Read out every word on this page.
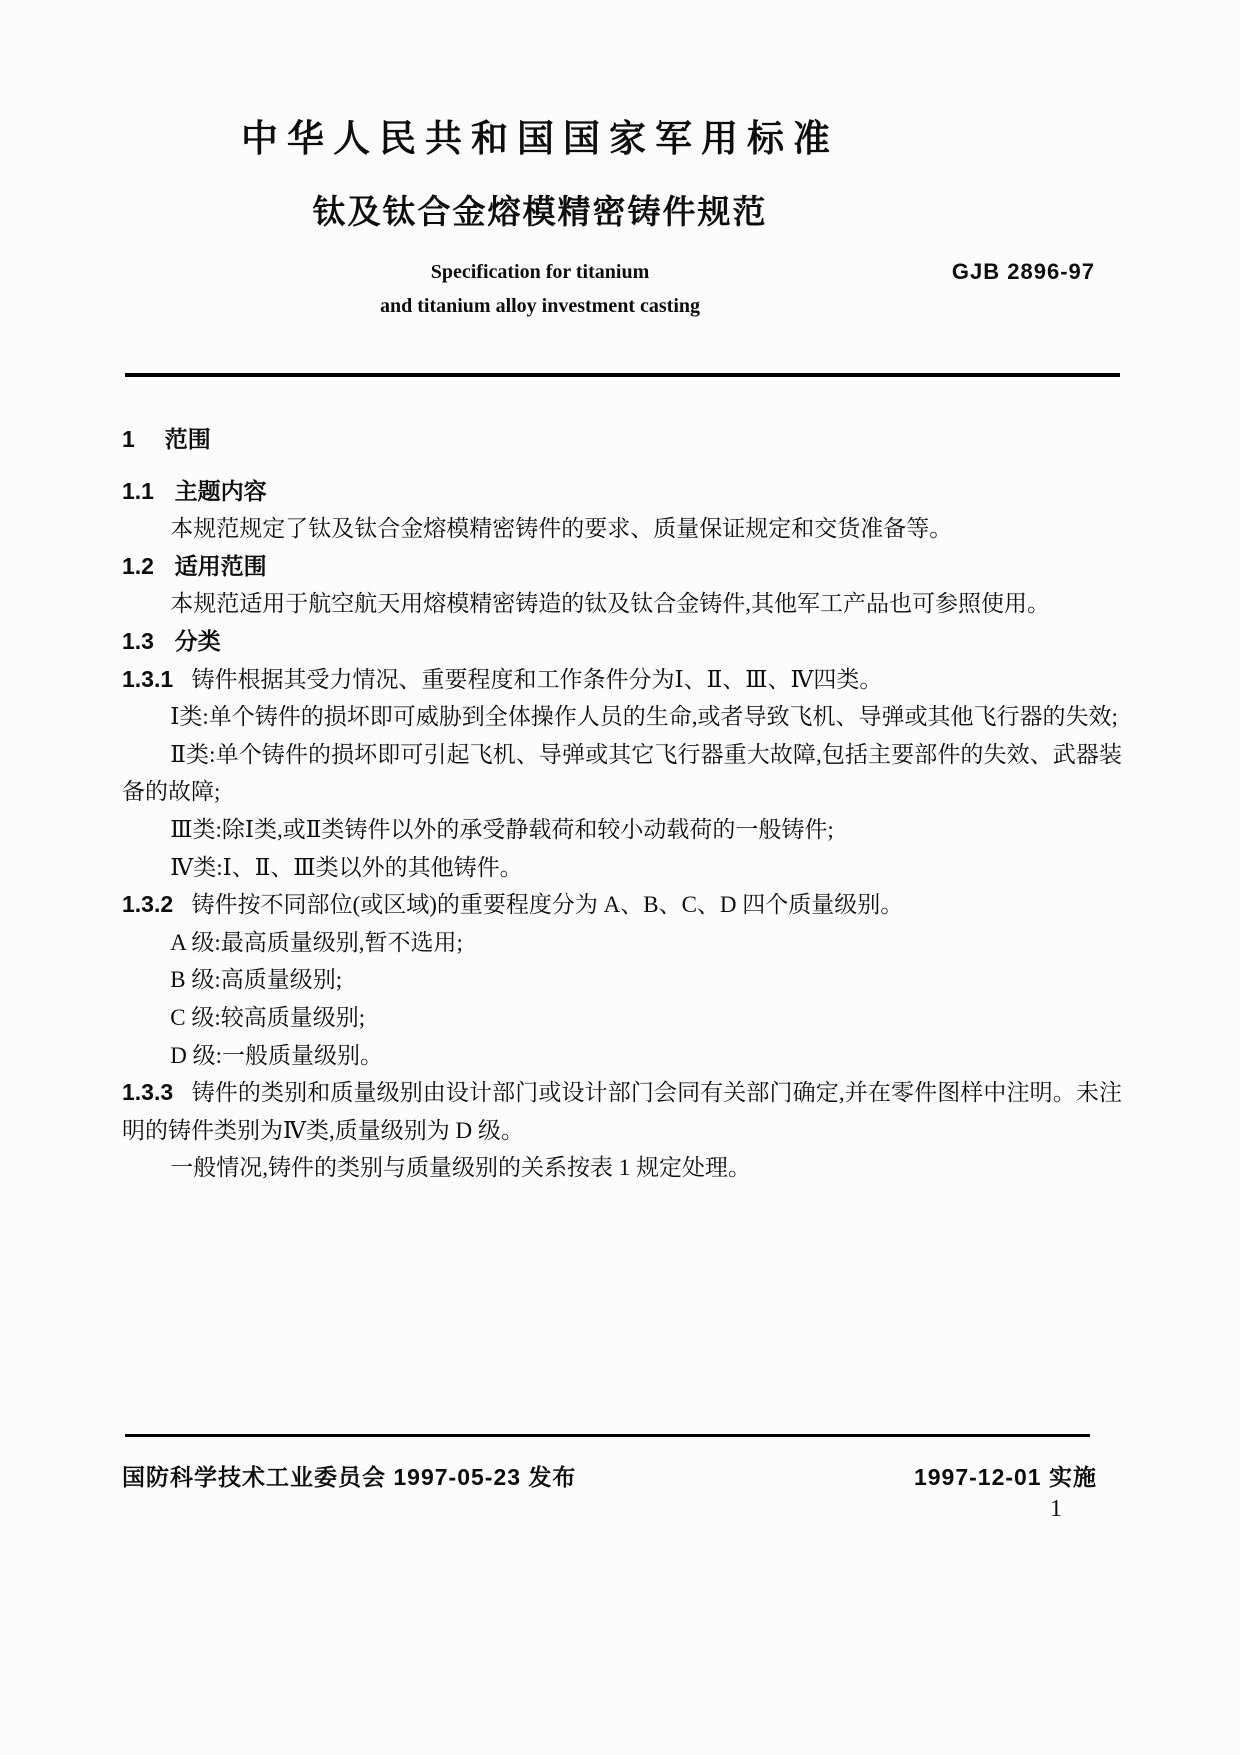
中华人民共和国国家军用标准
钛及钛合金熔模精密铸件规范
Specification for titanium
and titanium alloy investment casting
GJB 2896-97

1 范围

1.1 主题内容

本规范规定了钛及钛合金熔模精密铸件的要求、质量保证规定和交货准备等。

1.2 适用范围

本规范适用于航空航天用熔模精密铸造的钛及钛合金铸件,其他军工产品也可参照使用。

1.3 分类

1.3.1 铸件根据其受力情况、重要程度和工作条件分为Ⅰ、Ⅱ、Ⅲ、Ⅳ四类。

Ⅰ类:单个铸件的损坏即可威胁到全体操作人员的生命,或者导致飞机、导弹或其他飞行器的失效;

Ⅱ类:单个铸件的损坏即可引起飞机、导弹或其它飞行器重大故障,包括主要部件的失效、武器装备的故障;

Ⅲ类:除Ⅰ类,或Ⅱ类铸件以外的承受静载荷和较小动载荷的一般铸件;

Ⅳ类:Ⅰ、Ⅱ、Ⅲ类以外的其他铸件。

1.3.2 铸件按不同部位(或区域)的重要程度分为 A、B、C、D 四个质量级别。

A 级:最高质量级别,暂不选用;

B 级:高质量级别;

C 级:较高质量级别;

D 级:一般质量级别。

1.3.3 铸件的类别和质量级别由设计部门或设计部门会同有关部门确定,并在零件图样中注明。未注明的铸件类别为Ⅳ类,质量级别为 D 级。

一般情况,铸件的类别与质量级别的关系按表 1 规定处理。

国防科学技术工业委员会 1997-05-23 发布	1997-12-01 实施
1
